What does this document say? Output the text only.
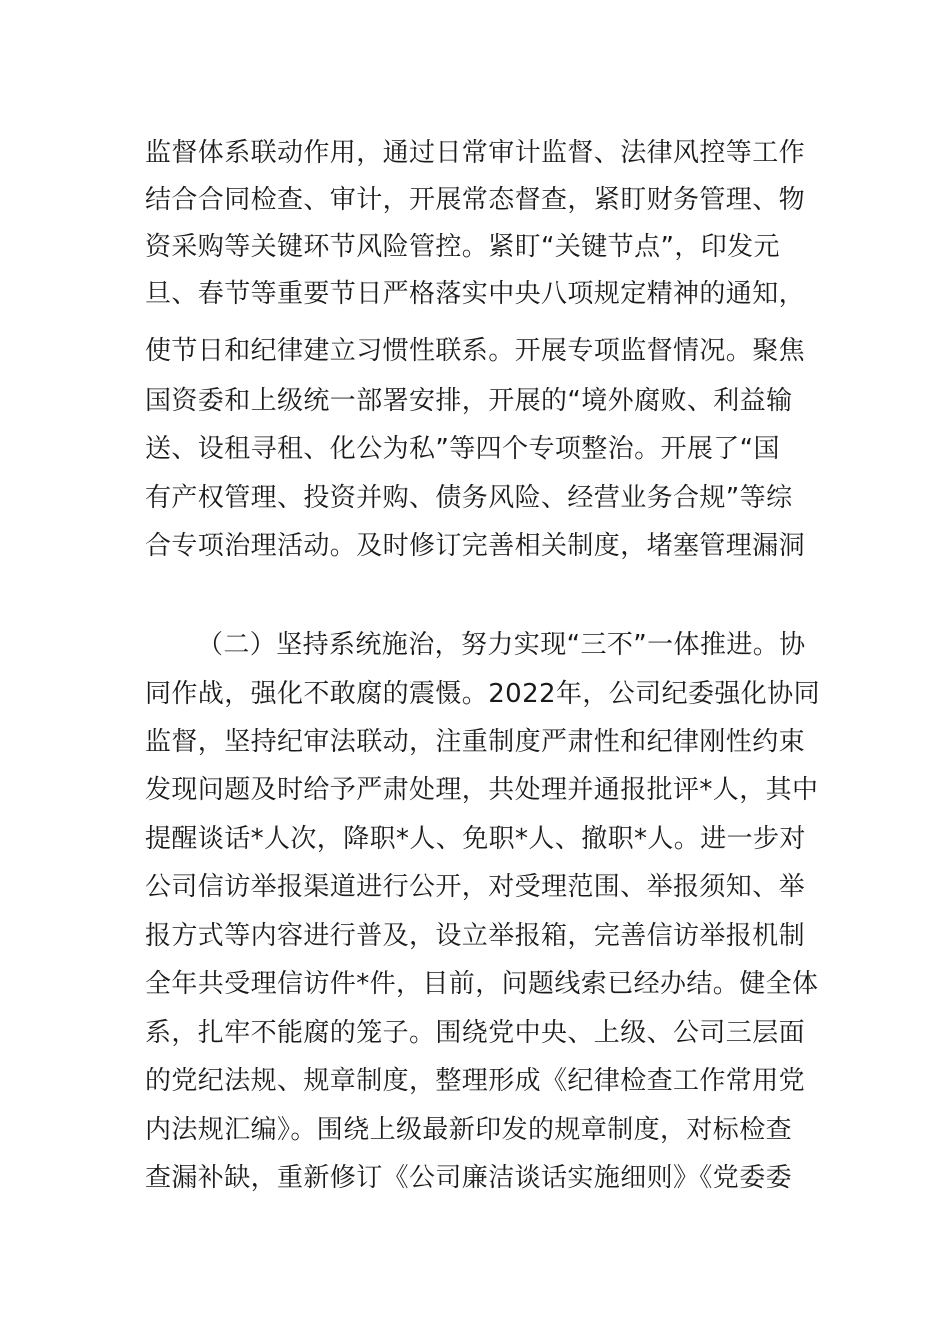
监督体系联动作用，通过日常审计监督、法律风控等工作
结合合同检查、审计，开展常态督查，紧盯财务管理、物
资采购等关键环节风险管控。紧盯“关键节点”，印发元
旦、春节等重要节日严格落实中央八项规定精神的通知，
使节日和纪律建立习惯性联系。开展专项监督情况。聚焦
国资委和上级统一部署安排，开展的“境外腐败、利益输
送、设租寻租、化公为私”等四个专项整治。开展了“国
有产权管理、投资并购、债务风险、经营业务合规”等综
合专项治理活动。及时修订完善相关制度，堵塞管理漏洞
（二）坚持系统施治，努力实现“三不”一体推进。协
同作战，强化不敢腐的震慑。2022年，公司纪委强化协同
监督，坚持纪审法联动，注重制度严肃性和纪律刚性约束
发现问题及时给予严肃处理，共处理并通报批评*人，其中
提醒谈话*人次，降职*人、免职*人、撤职*人。进一步对
公司信访举报渠道进行公开，对受理范围、举报须知、举
报方式等内容进行普及，设立举报箱，完善信访举报机制
全年共受理信访件*件，目前，问题线索已经办结。健全体
系，扎牢不能腐的笼子。围绕党中央、上级、公司三层面
的党纪法规、规章制度，整理形成《纪律检查工作常用党
内法规汇编》。围绕上级最新印发的规章制度，对标检查
查漏补缺，重新修订《公司廉洁谈话实施细则》《党委委
